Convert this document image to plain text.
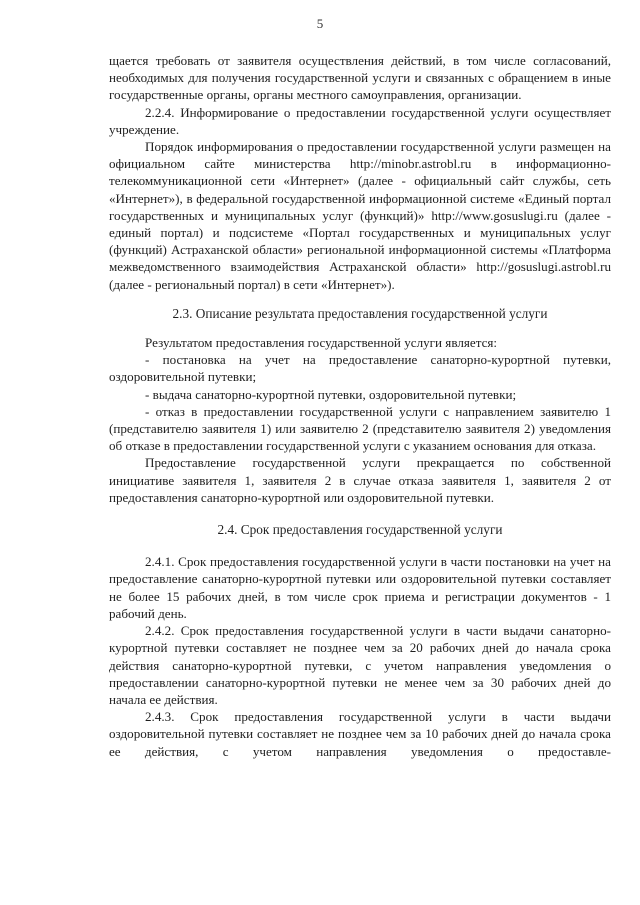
5

щается требовать от заявителя осуществления действий, в том числе согласований, необходимых для получения государственной услуги и связанных с обращением в иные государственные органы, органы местного самоуправления, организации.

2.2.4. Информирование о предоставлении государственной услуги осуществляет учреждение.

Порядок информирования о предоставлении государственной услуги размещен на официальном сайте министерства http://minobr.astrobl.ru в информационно-телекоммуникационной сети «Интернет» (далее - официальный сайт службы, сеть «Интернет»), в федеральной государственной информационной системе «Единый портал государственных и муниципальных услуг (функций)» http://www.gosuslugi.ru (далее - единый портал) и подсистеме «Портал государственных и муниципальных услуг (функций) Астраханской области» региональной информационной системы «Платформа межведомственного взаимодействия Астраханской области» http://gosuslugi.astrobl.ru (далее - региональный портал) в сети «Интернет»).

2.3. Описание результата предоставления государственной услуги

Результатом предоставления государственной услуги является:

- постановка на учет на предоставление санаторно-курортной путевки, оздоровительной путевки;

- выдача санаторно-курортной путевки, оздоровительной путевки;

- отказ в предоставлении государственной услуги с направлением заявителю 1 (представителю заявителя 1) или заявителю 2 (представителю заявителя 2) уведомления об отказе в предоставлении государственной услуги с указанием основания для отказа.

Предоставление государственной услуги прекращается по собственной инициативе заявителя 1, заявителя 2 в случае отказа заявителя 1, заявителя 2 от предоставления санаторно-курортной или оздоровительной путевки.

2.4. Срок предоставления государственной услуги

2.4.1. Срок предоставления государственной услуги в части постановки на учет на предоставление санаторно-курортной путевки или оздоровительной путевки составляет не более 15 рабочих дней, в том числе срок приема и регистрации документов - 1 рабочий день.

2.4.2. Срок предоставления государственной услуги в части выдачи санаторно-курортной путевки составляет не позднее чем за 20 рабочих дней до начала срока действия санаторно-курортной путевки, с учетом направления уведомления о предоставлении санаторно-курортной путевки не менее чем за 30 рабочих дней до начала ее действия.

2.4.3. Срок предоставления государственной услуги в части выдачи оздоровительной путевки составляет не позднее чем за 10 рабочих дней до начала срока ее действия, с учетом направления уведомления о предоставле-
